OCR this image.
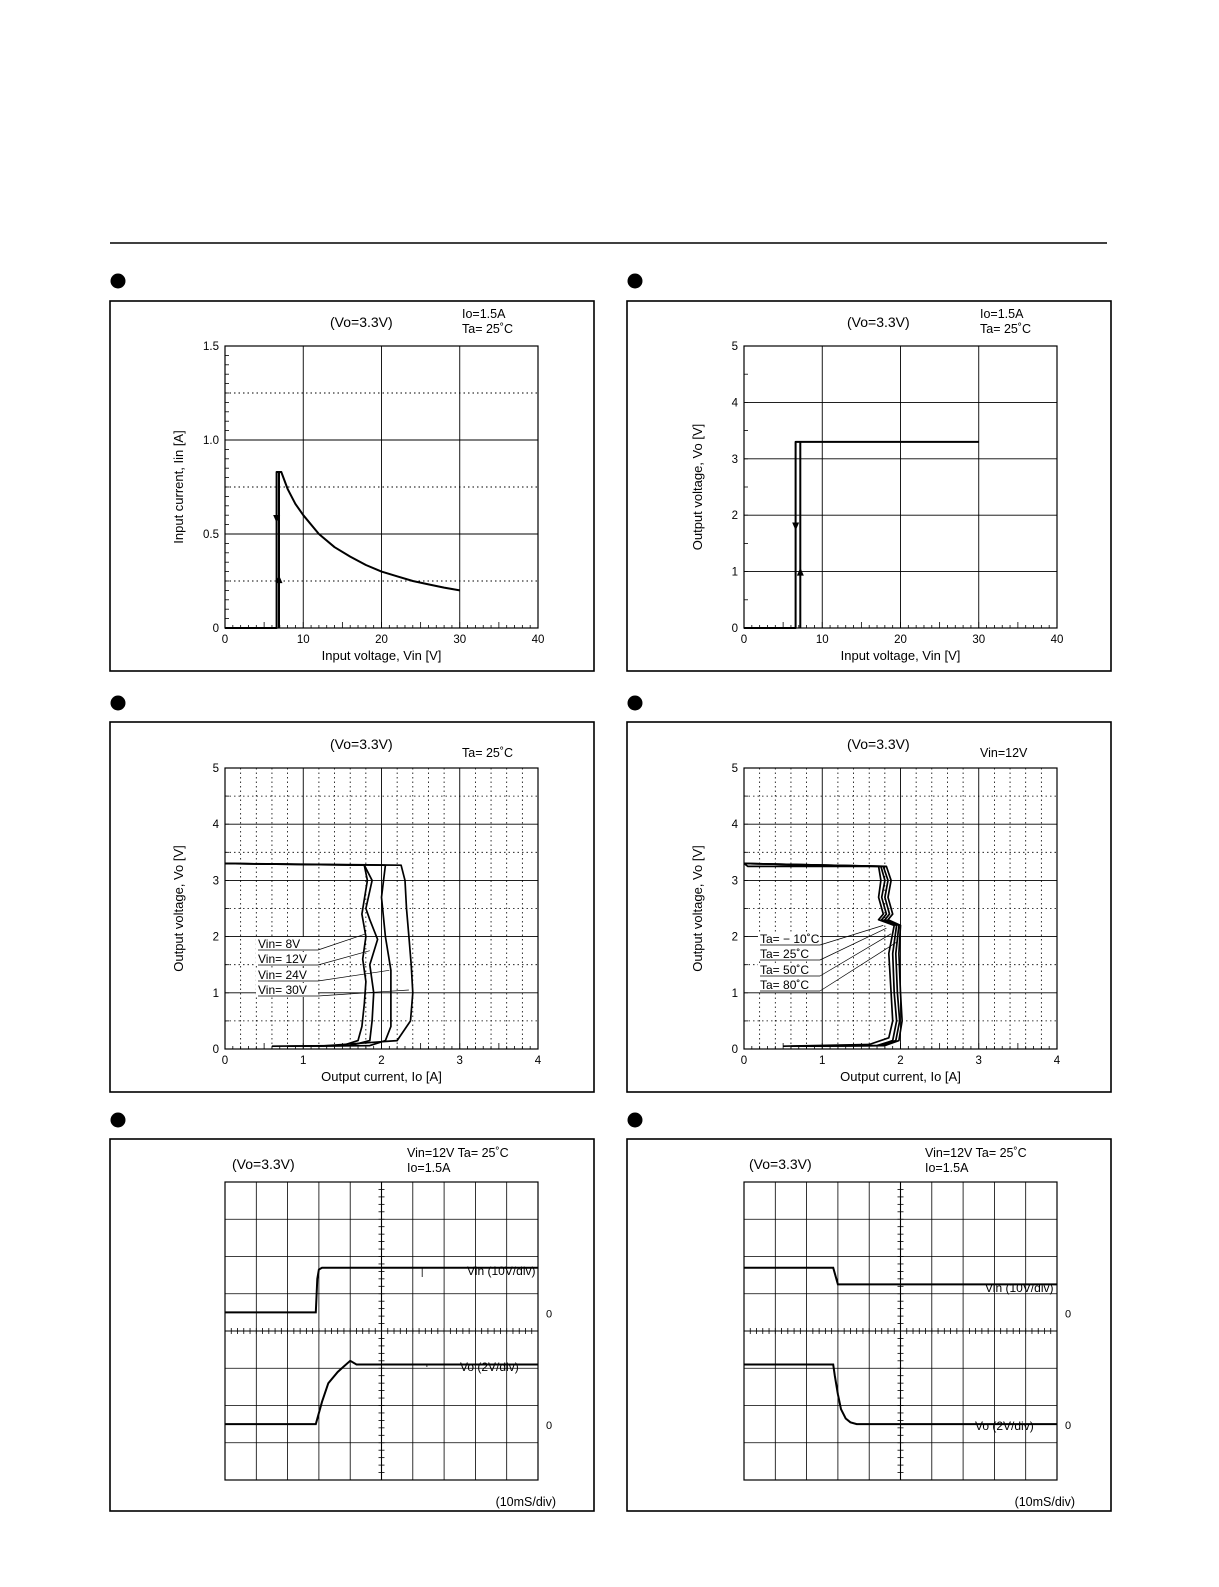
(Vo=3.3V)	Io=1.5A
Ta= 25˚C
0	10	20	30	40
0
0.5
1.0
1.5
Input voltage, Vin [V]
Input current, Iin [A]
(Vo=3.3V)	Io=1.5A
Ta= 25˚C
0	10	20	30	40
0
1
2
3
4
5
Input voltage, Vin [V]
Output voltage, Vo [V]
(Vo=3.3V)
Ta= 25˚C
0	1	2	3	4
0
1
2
3
4
5
Output current, Io [A]
Output voltage, Vo [V]	Vin= 8V
Vin= 12V
Vin= 24V
Vin= 30V
(Vo=3.3V)
Vin=12V
0	1	2	3	4
0
1
2
3
4
5
Output current, Io [A]
Output voltage, Vo [V]	Ta= − 10˚C
Ta= 25˚C
Ta= 50˚C
Ta= 80˚C
(Vo=3.3V)
Vin=12V Ta= 25˚C
Io=1.5A
0
0
Vin (10V/div)
Vo (2V/div)
(10mS/div)
(Vo=3.3V)
Vin=12V Ta= 25˚C
Io=1.5A
0
0
Vin (10V/div)
Vo (2V/div)
(10mS/div)
